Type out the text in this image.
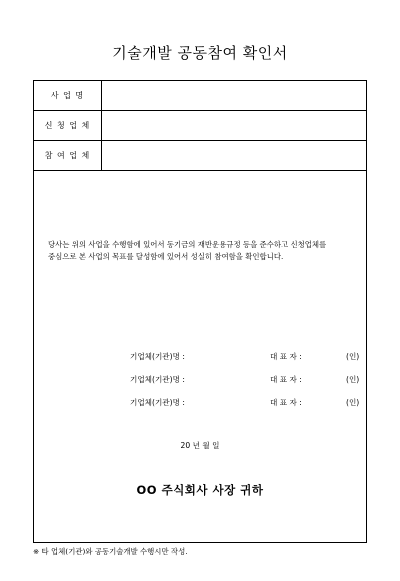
기술개발 공동참여 확인서
사 업 명
신 청 업 체
참 여 업 체
당사는 위의 사업을 수행함에 있어서 동기금의 재반운용규정 등을 준수하고 신청업체를
중심으로 본 사업의 목표를 달성함에 있어서 성실히 참여함을 확인합니다.
기업체(기관)명 :	대 표 자 :	(인)
기업체(기관)명 :	대 표 자 :	(인)
기업체(기관)명 :	대 표 자 :	(인)
20 년 월 일
OO 주식회사 사장 귀하
※ 타 업체(기관)와 공동기술개발 수행시만 작성.
